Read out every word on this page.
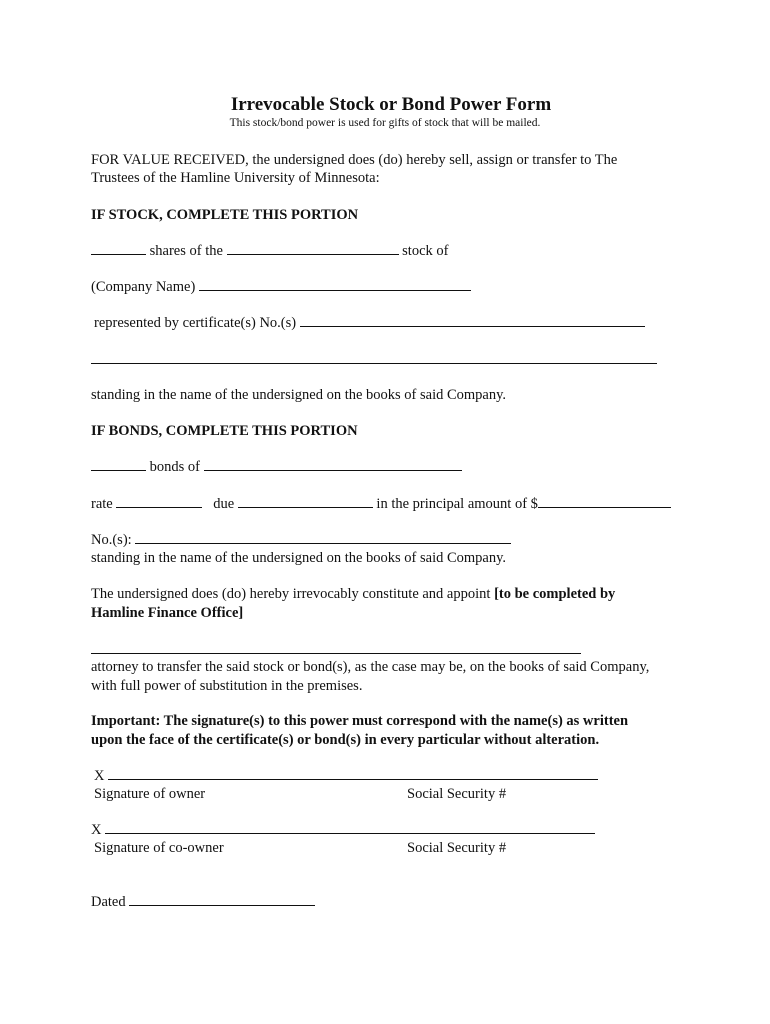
Irrevocable Stock or Bond Power Form
This stock/bond power is used for gifts of stock that will be mailed.
FOR VALUE RECEIVED, the undersigned does (do) hereby sell, assign or transfer to The
Trustees of the Hamline University of Minnesota:
IF STOCK, COMPLETE THIS PORTION
shares of the	stock of
(Company Name)
represented by certificate(s) No.(s)
standing in the name of the undersigned on the books of said Company.
IF BONDS, COMPLETE THIS PORTION
bonds of
rate	due	in the principal amount of $
No.(s):
standing in the name of the undersigned on the books of said Company.
The undersigned does (do) hereby irrevocably constitute and appoint [to be completed by
Hamline Finance Office]
attorney to transfer the said stock or bond(s), as the case may be, on the books of said Company,
with full power of substitution in the premises.
Important: The signature(s) to this power must correspond with the name(s) as written
upon the face of the certificate(s) or bond(s) in every particular without alteration.
X
Signature of owner	Social Security #
X
Signature of co-owner	Social Security #
Dated
